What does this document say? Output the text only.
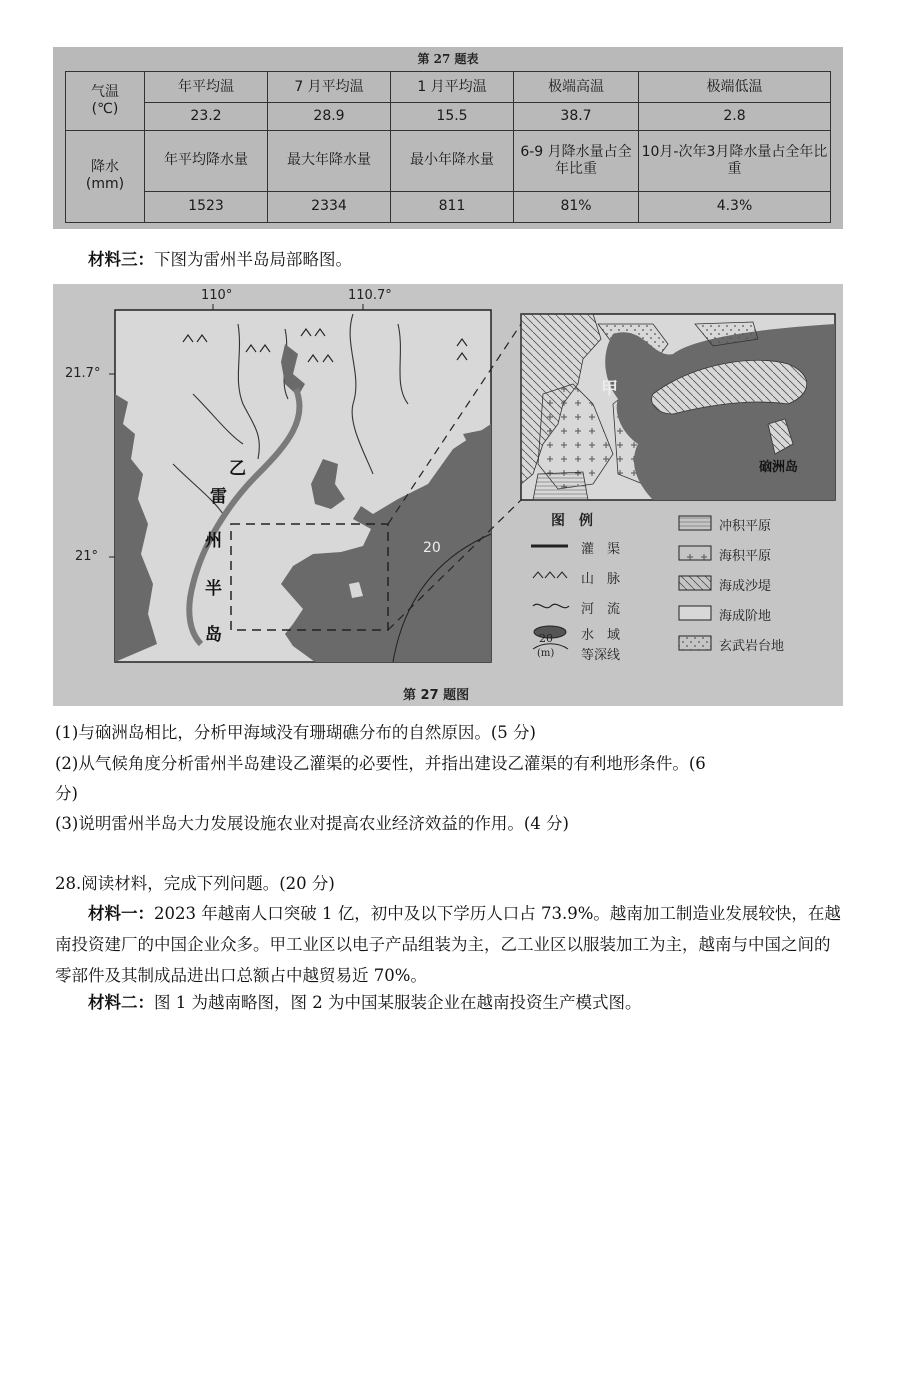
第 27 题表
气温
(℃)	年平均温	7 月平均温	1 月平均温	极端高温	极端低温
	23.2	28.9	15.5	38.7	2.8

降水
(mm)	年平均降水量	最大年降水量	最小年降水量	6-9 月降水量占全年比重	10月-次年3月降水量占全年比重
	1523	2334	811	81%	4.3%
材料三：下图为雷州半岛局部略图。
110°	110.7°
21.7°
21°
乙
雷
州
半
岛
20
甲
硇洲岛
图　例
灌　渠
山　脉
河　流
水　域
等深线
20
(m)
冲积平原
海积平原
海成沙堤
海成阶地
玄武岩台地
第 27 题图
(1)与硇洲岛相比，分析甲海域没有珊瑚礁分布的自然原因。(5 分)
(2)从气候角度分析雷州半岛建设乙灌渠的必要性，并指出建设乙灌渠的有利地形条件。(6
分)
(3)说明雷州半岛大力发展设施农业对提高农业经济效益的作用。(4 分)
28.阅读材料，完成下列问题。(20 分)
材料一：2023 年越南人口突破 1 亿，初中及以下学历人口占 73.9%。越南加工制造业发展较快，在越南投资建厂的中国企业众多。甲工业区以电子产品组装为主，乙工业区以服装加工为主，越南与中国之间的零部件及其制成品进出口总额占中越贸易近 70%。
材料二：图 1 为越南略图，图 2 为中国某服装企业在越南投资生产模式图。
